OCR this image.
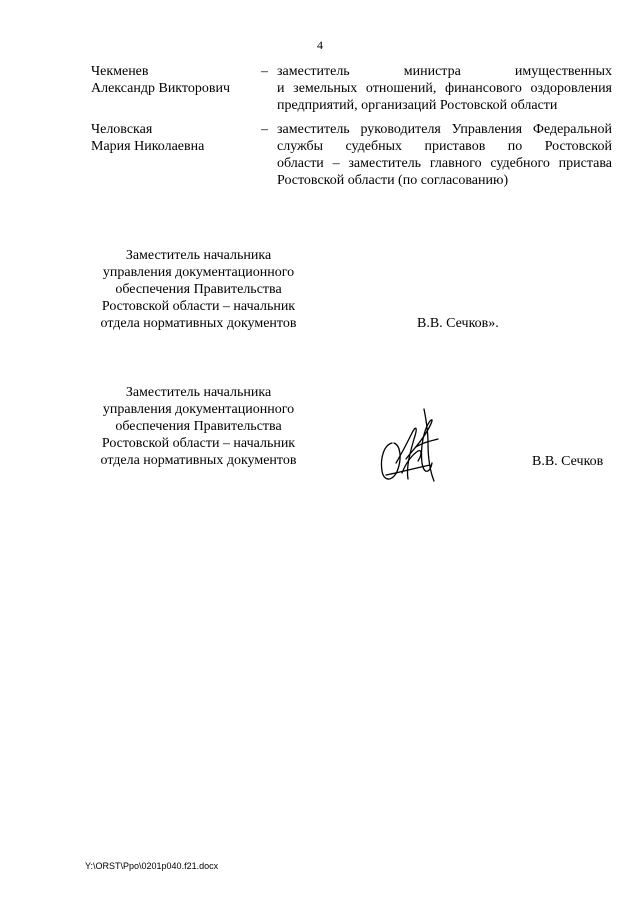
4
Чекменев
Александр Викторович
– заместитель министра имущественных
и земельных отношений, финансового оздоровления
предприятий, организаций Ростовской области
Человская
Мария Николаевна
– заместитель руководителя Управления Федеральной
службы судебных приставов по Ростовской
области – заместитель главного судебного пристава
Ростовской области (по согласованию)
Заместитель начальника
управления документационного
обеспечения Правительства
Ростовской области – начальник
отдела нормативных документов	В.В. Сечков».
Заместитель начальника
управления документационного
обеспечения Правительства
Ростовской области – начальник
отдела нормативных документов	В.В. Сечков
Y:\ORST\Ppo\0201p040.f21.docx
